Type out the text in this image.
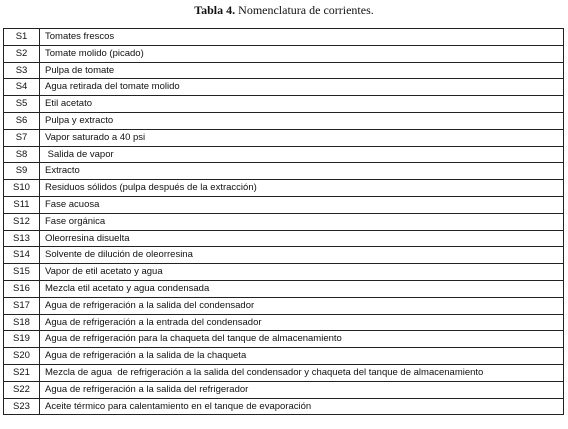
Tabla 4. Nomenclatura de corrientes.
S1	Tomates frescos
S2	Tomate molido (picado)
S3	Pulpa de tomate
S4	Agua retirada del tomate molido
S5	Etil acetato
S6	Pulpa y extracto
S7	Vapor saturado a 40 psi
S8	Salida de vapor
S9	Extracto
S10	Residuos sólidos (pulpa después de la extracción)
S11	Fase acuosa
S12	Fase orgánica
S13	Oleorresina disuelta
S14	Solvente de dilución de oleorresina
S15	Vapor de etil acetato y agua
S16	Mezcla etil acetato y agua condensada
S17	Agua de refrigeración a la salida del condensador
S18	Agua de refrigeración a la entrada del condensador
S19	Agua de refrigeración para la chaqueta del tanque de almacenamiento
S20	Agua de refrigeración a la salida de la chaqueta
S21	Mezcla de agua  de refrigeración a la salida del condensador y chaqueta del tanque de almacenamiento
S22	Agua de refrigeración a la salida del refrigerador
S23	Aceite térmico para calentamiento en el tanque de evaporación
